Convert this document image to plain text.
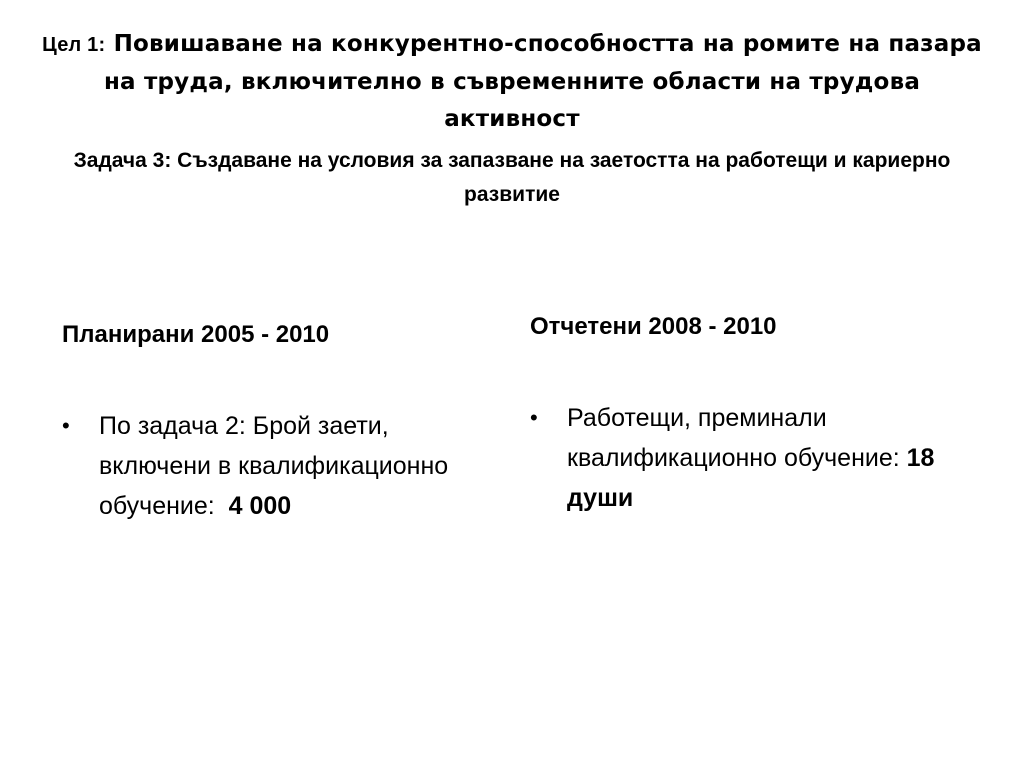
Цел 1: Повишаване на конкурентно-способността на ромите на пазара на труда, включително в съвременните области на трудова активност
Задача 3: Създаване на условия за запазване на заетостта на работещи и кариерно развитие

Планирани 2005 - 2010

•	По задача 2: Брой заети, включени в квалификационно обучение: 4 000

Отчетени 2008 - 2010

•	Работещи, преминали квалификационно обучение: 18 души
